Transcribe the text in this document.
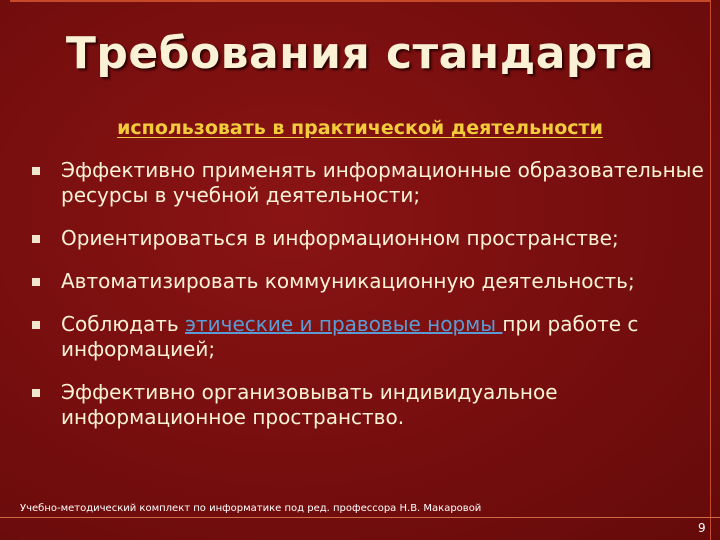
Требования стандарта
использовать в практической деятельности
Эффективно применять информационные образовательные ресурсы в учебной деятельности;
Ориентироваться в информационном пространстве;
Автоматизировать коммуникационную деятельность;
Соблюдать этические и правовые нормы при работе с информацией;
Эффективно организовывать индивидуальное информационное пространство.
Учебно-методический комплект по информатике под ред. профессора Н.В. Макаровой
9
